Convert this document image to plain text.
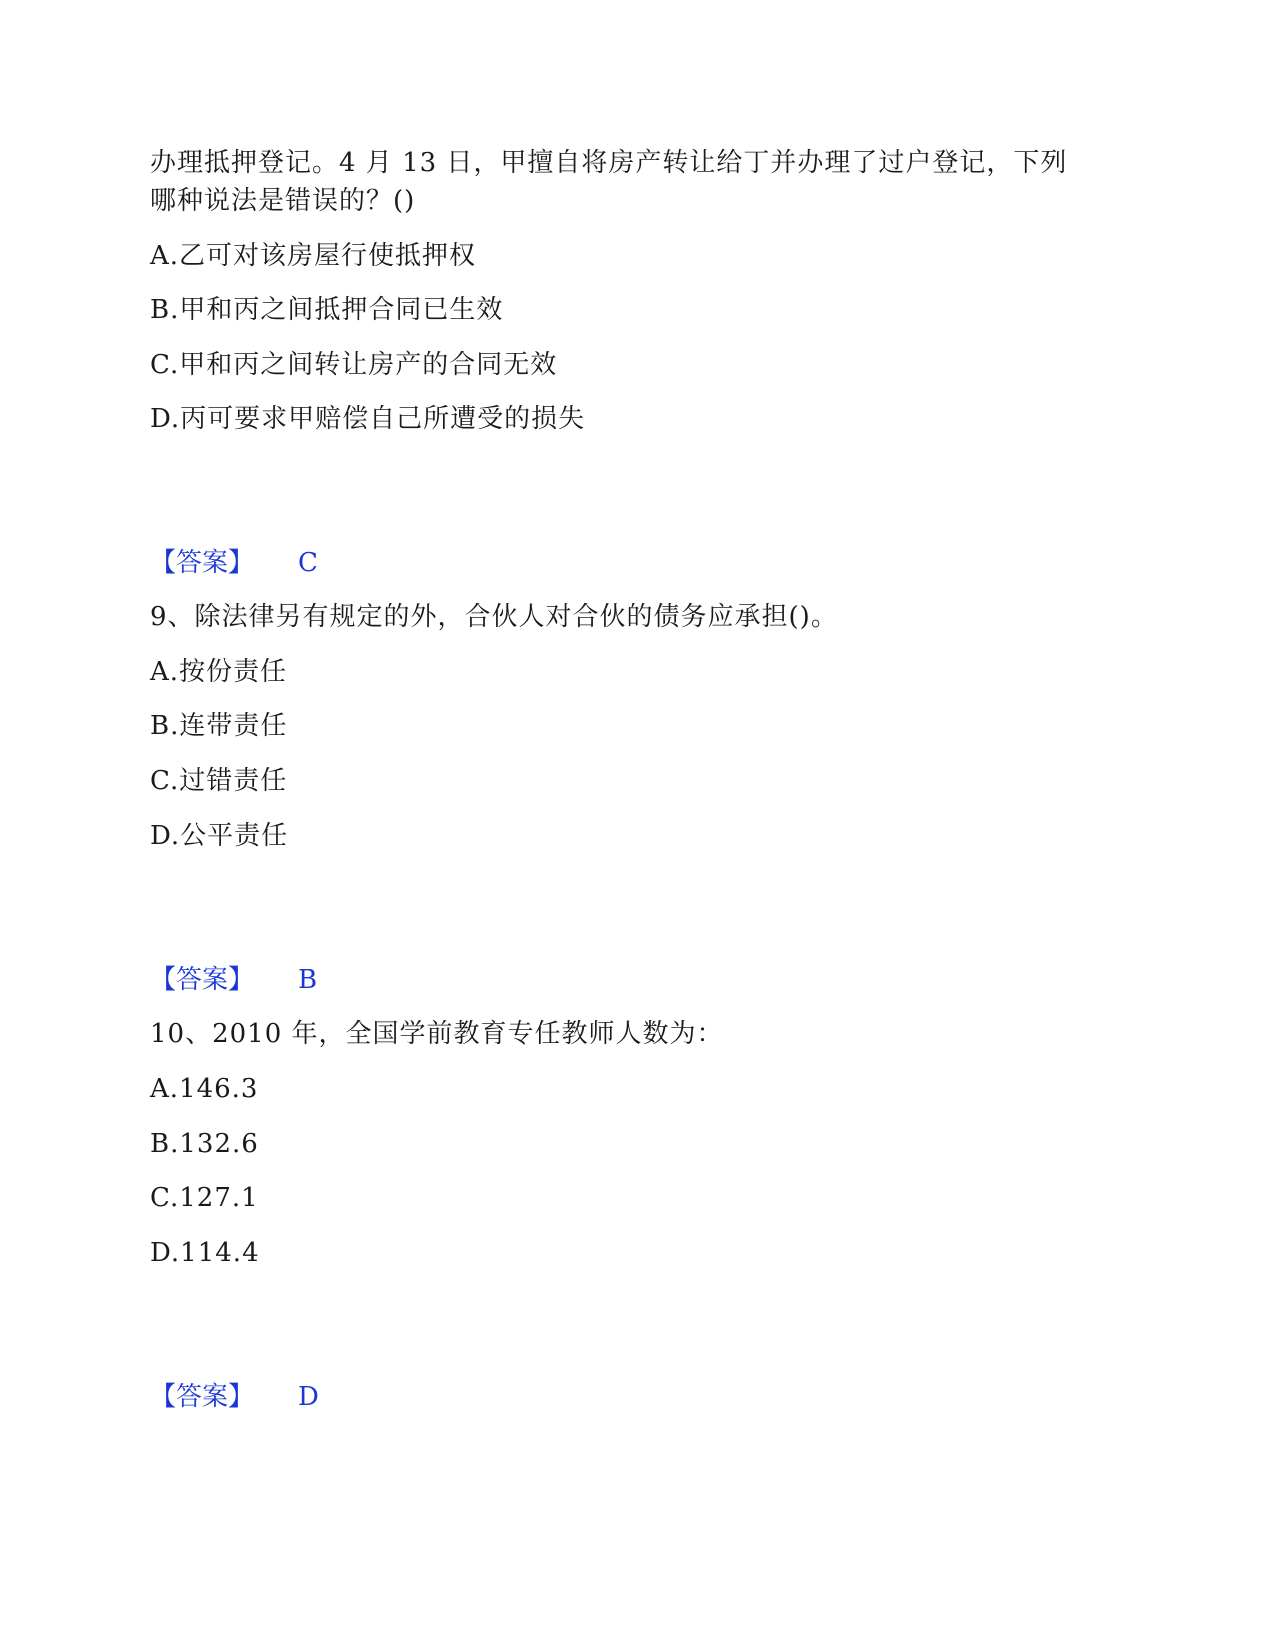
办理抵押登记。4 月 13 日，甲擅自将房产转让给丁并办理了过户登记，下列
哪种说法是错误的？()
A.乙可对该房屋行使抵押权
B.甲和丙之间抵押合同已生效
C.甲和丙之间转让房产的合同无效
D.丙可要求甲赔偿自己所遭受的损失
【答案】 C
9、除法律另有规定的外，合伙人对合伙的债务应承担()。
A.按份责任
B.连带责任
C.过错责任
D.公平责任
【答案】 B
10、2010 年，全国学前教育专任教师人数为：
A.146.3
B.132.6
C.127.1
D.114.4
【答案】 D
